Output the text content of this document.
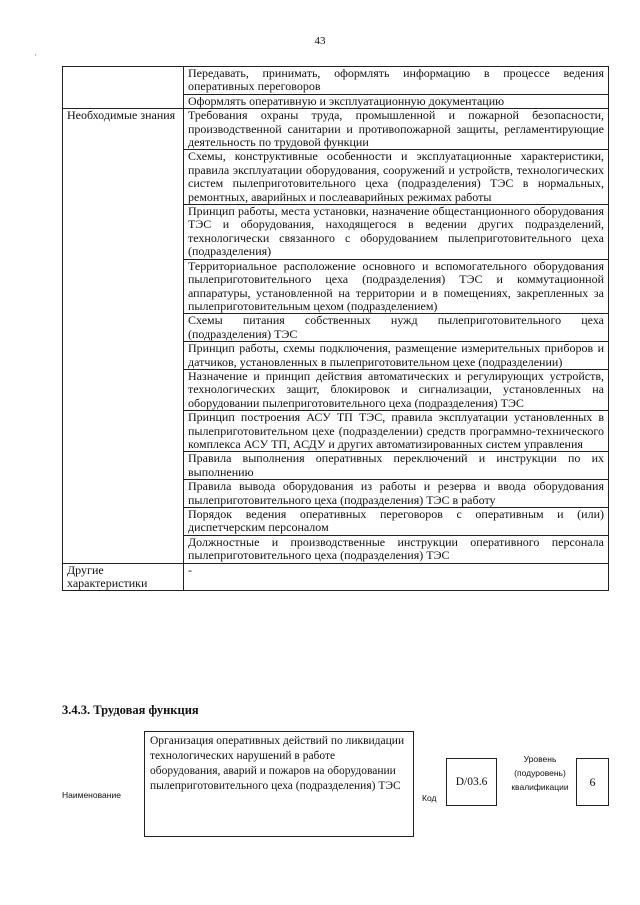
43
·
	Передавать, принимать, оформлять информацию в процессе ведения оперативных переговоров
	Оформлять оперативную и эксплуатационную документацию
Необходимые знания	Требования охраны труда, промышленной и пожарной безопасности, производственной санитарии и противопожарной защиты, регламентирующие деятельность по трудовой функции
	Схемы, конструктивные особенности и эксплуатационные характеристики, правила эксплуатации оборудования, сооружений и устройств, технологических систем пылеприготовительного цеха (подразделения) ТЭС в нормальных, ремонтных, аварийных и послеаварийных режимах работы
	Принцип работы, места установки, назначение общестанционного оборудования ТЭС и оборудования, находящегося в ведении других подразделений, технологически связанного с оборудованием пылеприготовительного цеха (подразделения)
	Территориальное расположение основного и вспомогательного оборудования пылеприготовительного цеха (подразделения) ТЭС и коммутационной аппаратуры, установленной на территории и в помещениях, закрепленных за пылеприготовительным цехом (подразделением)
	Схемы питания собственных нужд пылеприготовительного цеха (подразделения) ТЭС
	Принцип работы, схемы подключения, размещение измерительных приборов и датчиков, установленных в пылеприготовительном цехе (подразделении)
	Назначение и принцип действия автоматических и регулирующих устройств, технологических защит, блокировок и сигнализации, установленных на оборудовании пылеприготовительного цеха (подразделения) ТЭС
	Принцип построения АСУ ТП ТЭС, правила эксплуатации установленных в пылеприготовительном цехе (подразделении) средств программно-технического комплекса АСУ ТП, АСДУ и других автоматизированных систем управления
	Правила выполнения оперативных переключений и инструкции по их выполнению
	Правила вывода оборудования из работы и резерва и ввода оборудования пылеприготовительного цеха (подразделения) ТЭС в работу
	Порядок ведения оперативных переговоров с оперативным и (или) диспетчерским персоналом
	Должностные и производственные инструкции оперативного персонала пылеприготовительного цеха (подразделения) ТЭС
Другие характеристики	-
3.4.3. Трудовая функция
Наименование
Организация оперативных действий по ликвидации технологических нарушений в работе оборудования, аварий и пожаров на оборудовании пылеприготовительного цеха (подразделения) ТЭС
Код
D/03.6
Уровень (подуровень) квалификации	6
